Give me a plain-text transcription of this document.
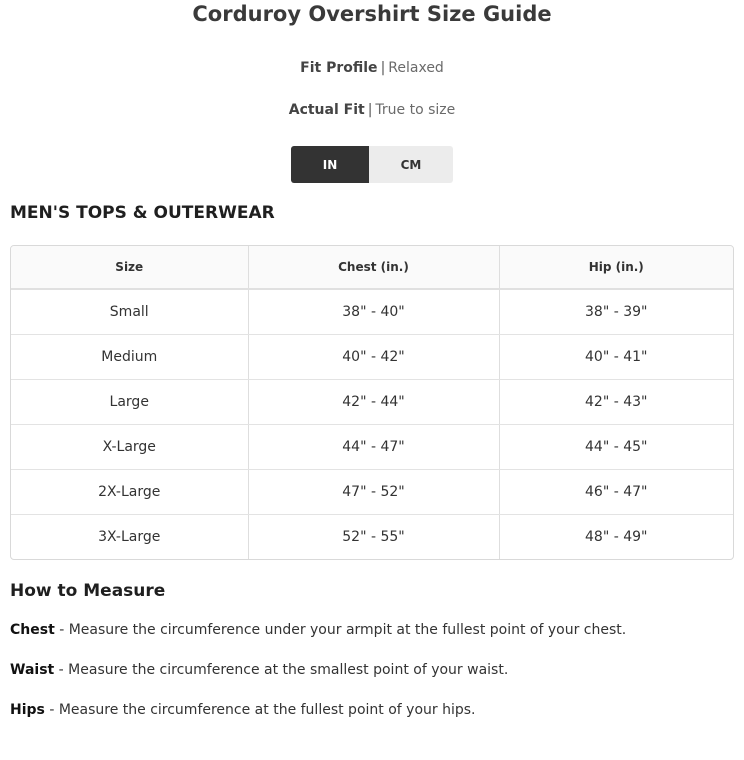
Corduroy Overshirt Size Guide
Fit Profile | Relaxed
Actual Fit | True to size
IN	CM
MEN'S TOPS & OUTERWEAR
Size	Chest (in.)	Hip (in.)
Small	38" - 40"	38" - 39"
Medium	40" - 42"	40" - 41"
Large	42" - 44"	42" - 43"
X-Large	44" - 47"	44" - 45"
2X-Large	47" - 52"	46" - 47"
3X-Large	52" - 55"	48" - 49"
How to Measure
Chest - Measure the circumference under your armpit at the fullest point of your chest.
Waist - Measure the circumference at the smallest point of your waist.
Hips - Measure the circumference at the fullest point of your hips.
